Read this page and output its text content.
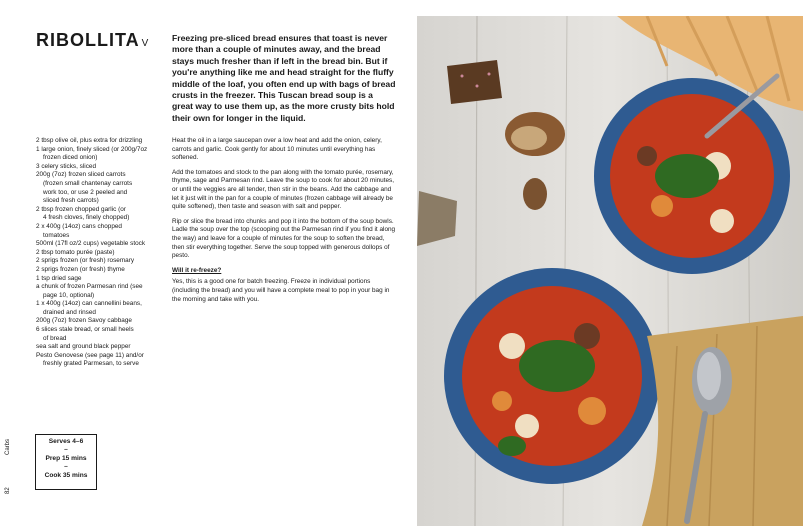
RIBOLLITA V	Freezing pre-sliced bread ensures that toast is never more than a couple of minutes away, and the bread stays much fresher than if left in the bread bin. But if you're anything like me and head straight for the fluffy middle of the loaf, you often end up with bags of bread crusts in the freezer. This Tuscan bread soup is a great way to use them up, as the more crusty bits hold their own for longer in the liquid.
2 tbsp olive oil, plus extra for drizzling
1 large onion, finely sliced (or 200g/7oz
frozen diced onion)
3 celery sticks, sliced
200g (7oz) frozen sliced carrots
(frozen small chantenay carrots
work too, or use 2 peeled and
sliced fresh carrots)
2 tbsp frozen chopped garlic (or
4 fresh cloves, finely chopped)
2 x 400g (14oz) cans chopped
tomatoes
500ml (17fl oz/2 cups) vegetable stock
2 tbsp tomato purée (paste)
2 sprigs frozen (or fresh) rosemary
2 sprigs frozen (or fresh) thyme
1 tsp dried sage
a chunk of frozen Parmesan rind (see
page 10, optional)
1 x 400g (14oz) can cannellini beans,
drained and rinsed
200g (7oz) frozen Savoy cabbage
6 slices stale bread, or small heels
of bread
sea salt and ground black pepper
Pesto Genovese (see page 11) and/or
freshly grated Parmesan, to serve

Heat the oil in a large saucepan over a low heat and add the onion, celery, carrots and garlic. Cook gently for about 10 minutes until everything has softened.

Add the tomatoes and stock to the pan along with the tomato purée, rosemary, thyme, sage and Parmesan rind. Leave the soup to cook for about 20 minutes, or until the veggies are all tender, then stir in the beans. Add the cabbage and let it just wilt in the pan for a couple of minutes (frozen cabbage will already be quite softened), then taste and season with salt and pepper.

Rip or slice the bread into chunks and pop it into the bottom of the soup bowls. Ladle the soup over the top (scooping out the Parmesan rind if you find it along the way) and leave for a couple of minutes for the soup to soften the bread, then stir everything together. Serve the soup topped with generous dollops of pesto.

Will it re-freeze?

Yes, this is a good one for batch freezing. Freeze in individual portions (including the bread) and you will have a complete meal to pop in your bag in the morning and take with you.

Serves 4–6
–
Prep 15 mins
–
Cook 35 mins
Carbs
82
